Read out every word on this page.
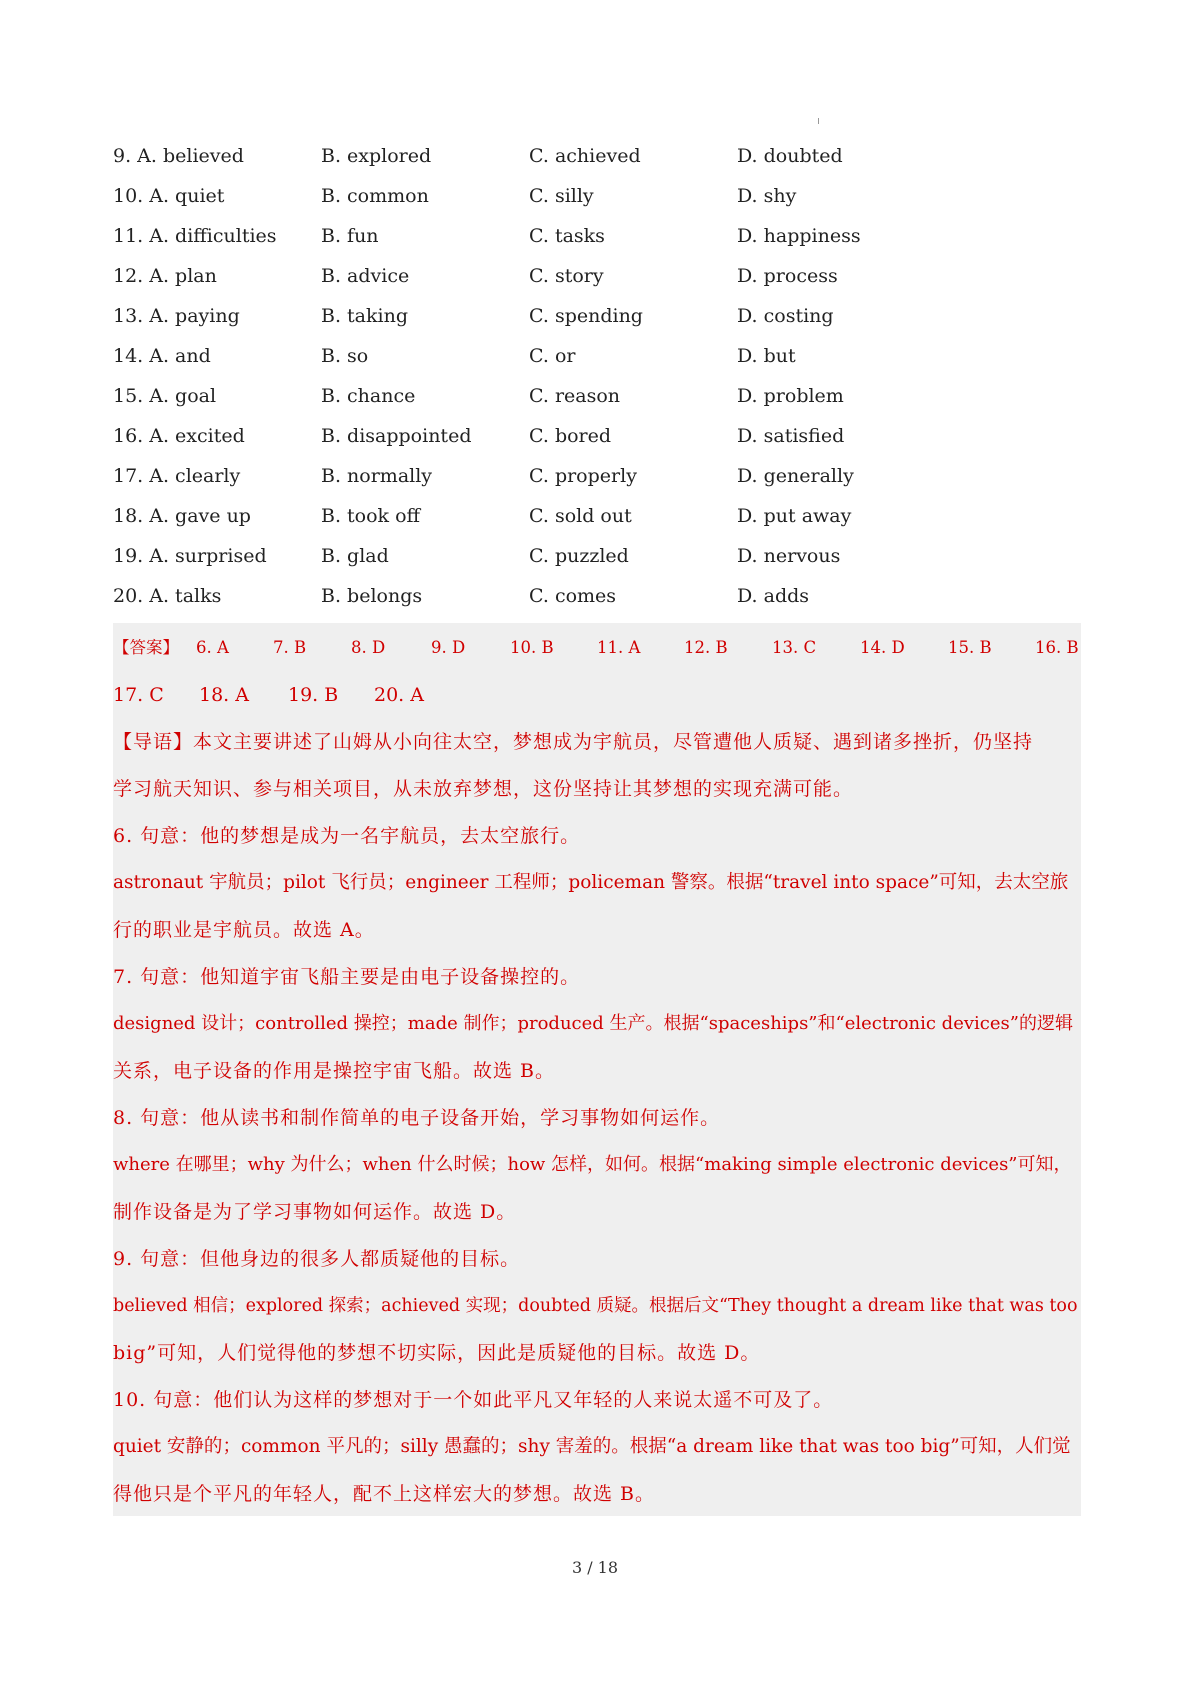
9. A. believed	B. explored	C. achieved	D. doubted
10. A. quiet	B. common	C. silly	D. shy
11. A. difficulties	B. fun	C. tasks	D. happiness
12. A. plan	B. advice	C. story	D. process
13. A. paying	B. taking	C. spending	D. costing
14. A. and	B. so	C. or	D. but
15. A. goal	B. chance	C. reason	D. problem
16. A. excited	B. disappointed	C. bored	D. satisfied
17. A. clearly	B. normally	C. properly	D. generally
18. A. gave up	B. took off	C. sold out	D. put away
19. A. surprised	B. glad	C. puzzled	D. nervous
20. A. talks	B. belongs	C. comes	D. adds
【答案】 6. A	7. B	8. D	9. D	10. B	11. A	12. B	13. C	14. D	15. B	16. B
17. C 18. A 19. B 20. A
【导语】本文主要讲述了山姆从小向往太空，梦想成为宇航员，尽管遭他人质疑、遇到诸多挫折，仍坚持
学习航天知识、参与相关项目，从未放弃梦想，这份坚持让其梦想的实现充满可能。
6. 句意：他的梦想是成为一名宇航员，去太空旅行。
astronaut 宇航员；pilot 飞行员；engineer 工程师；policeman 警察。根据“travel into space”可知，去太空旅
行的职业是宇航员。故选 A。
7. 句意：他知道宇宙飞船主要是由电子设备操控的。
designed 设计；controlled 操控；made 制作；produced 生产。根据“spaceships”和“electronic devices”的逻辑
关系，电子设备的作用是操控宇宙飞船。故选 B。
8. 句意：他从读书和制作简单的电子设备开始，学习事物如何运作。
where 在哪里；why 为什么；when 什么时候；how 怎样，如何。根据“making simple electronic devices”可知，
制作设备是为了学习事物如何运作。故选 D。
9. 句意：但他身边的很多人都质疑他的目标。
believed 相信；explored 探索；achieved 实现；doubted 质疑。根据后文“They thought a dream like that was too
big”可知，人们觉得他的梦想不切实际，因此是质疑他的目标。故选 D。
10. 句意：他们认为这样的梦想对于一个如此平凡又年轻的人来说太遥不可及了。
quiet 安静的；common 平凡的；silly 愚蠢的；shy 害羞的。根据“a dream like that was too big”可知，人们觉
得他只是个平凡的年轻人，配不上这样宏大的梦想。故选 B。
3 / 18
